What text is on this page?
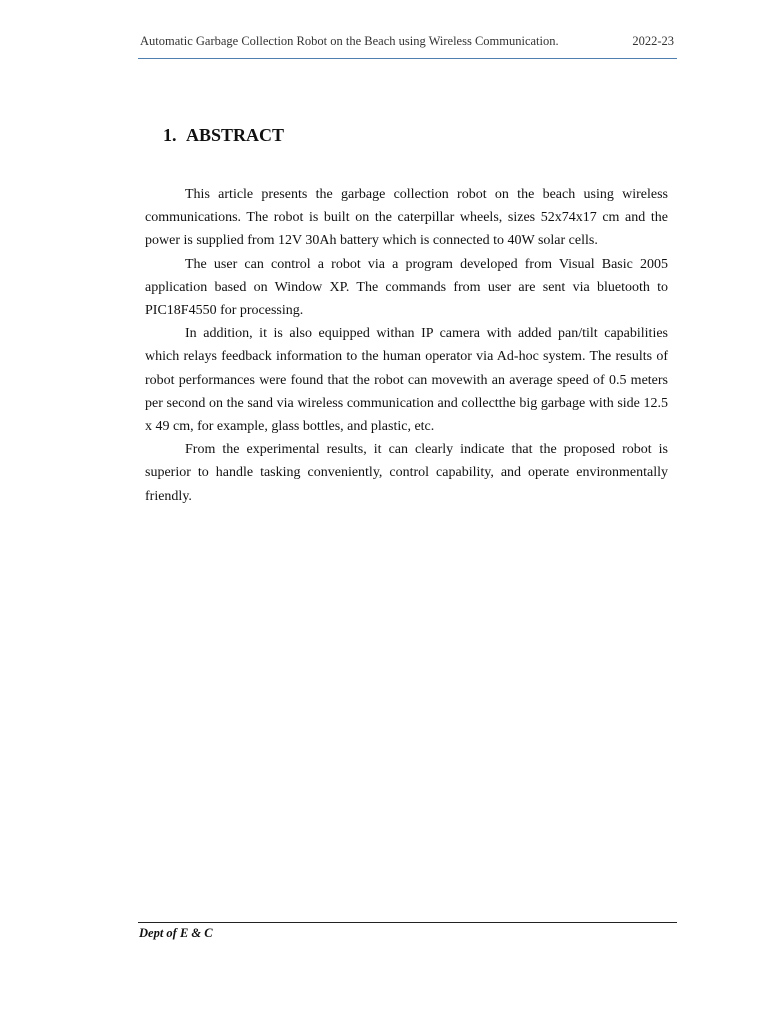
Automatic Garbage Collection Robot on the Beach using Wireless Communication.	2022-23
1. ABSTRACT

This article presents the garbage collection robot on the beach using wireless communications. The robot is built on the caterpillar wheels, sizes 52x74x17 cm and the power is supplied from 12V 30Ah battery which is connected to 40W solar cells.

The user can control a robot via a program developed from Visual Basic 2005 application based on Window XP. The commands from user are sent via bluetooth to PIC18F4550 for processing.

In addition, it is also equipped withan IP camera with added pan/tilt capabilities which relays feedback information to the human operator via Ad-hoc system. The results of robot performances were found that the robot can movewith an average speed of 0.5 meters per second on the sand via wireless communication and collectthe big garbage with side 12.5 x 49 cm, for example, glass bottles, and plastic, etc.

From the experimental results, it can clearly indicate that the proposed robot is superior to handle tasking conveniently, control capability, and operate environmentally friendly.

Dept of E & C
